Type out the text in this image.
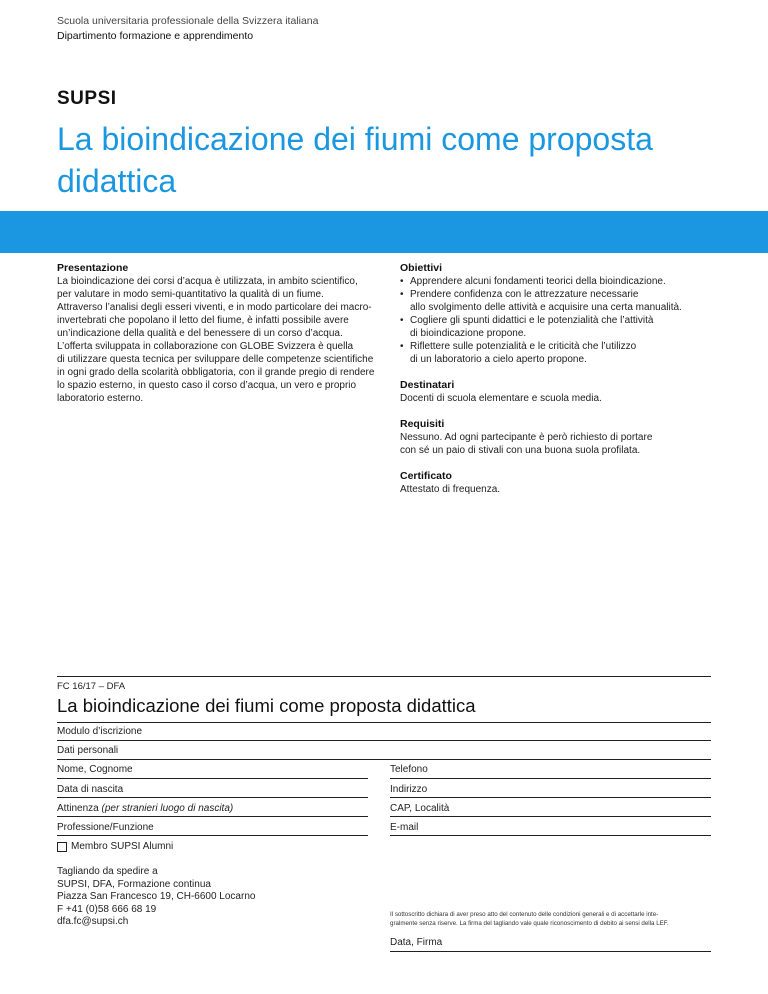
Scuola universitaria professionale della Svizzera italiana
Dipartimento formazione e apprendimento
SUPSI
La bioindicazione dei fiumi come proposta didattica

Presentazione

La bioindicazione dei corsi d’acqua è utilizzata, in ambito scientifico,

per valutare in modo semi-quantitativo la qualità di un fiume.

Attraverso l’analisi degli esseri viventi, e in modo particolare dei macro-

invertebrati che popolano il letto del fiume, è infatti possibile avere

un’indicazione della qualità e del benessere di un corso d’acqua.

L’offerta sviluppata in collaborazione con GLOBE Svizzera è quella

di utilizzare questa tecnica per sviluppare delle competenze scientifiche

in ogni grado della scolarità obbligatoria, con il grande pregio di rendere

lo spazio esterno, in questo caso il corso d’acqua, un vero e proprio

laboratorio esterno.

Obiettivi

• Apprendere alcuni fondamenti teorici della bioindicazione.
• Prendere confidenza con le attrezzature necessarie
allo svolgimento delle attività e acquisire una certa manualità.
• Cogliere gli spunti didattici e le potenzialità che l’attività
di bioindicazione propone.
• Riflettere sulle potenzialità e le criticità che l’utilizzo
di un laboratorio a cielo aperto propone.

Destinatari

Docenti di scuola elementare e scuola media.

Requisiti

Nessuno. Ad ogni partecipante è però richiesto di portare

con sé un paio di stivali con una buona suola profilata.

Certificato

Attestato di frequenza.

FC 16/17 – DFA
La bioindicazione dei fiumi come proposta didattica
Modulo d’iscrizione
Dati personali
Nome, Cognome
Data di nascita
Attinenza (per stranieri luogo di nascita)
Professione/Funzione
Telefono
Indirizzo
CAP, Località
E-mail
Membro SUPSI Alumni
Tagliando da spedire a
SUPSI, DFA, Formazione continua
Piazza San Francesco 19, CH-6600 Locarno
F +41 (0)58 666 68 19
dfa.fc@supsi.ch
Il sottoscritto dichiara di aver preso atto del contenuto delle condizioni generali e di accettarle inte-
gralmente senza riserve. La firma del tagliando vale quale riconoscimento di debito ai sensi della LEF.
Data, Firma
